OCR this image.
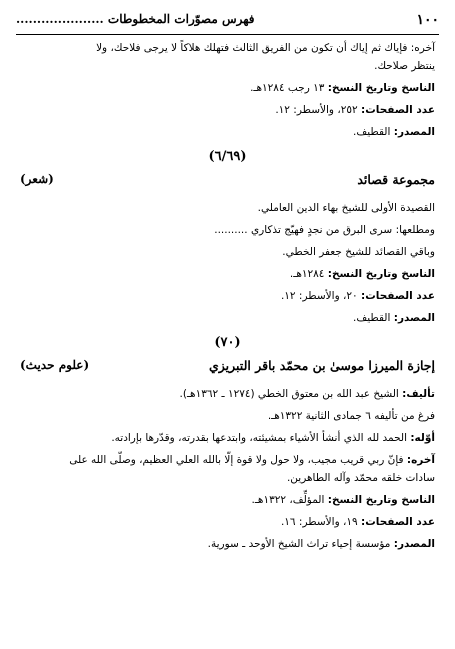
١٠٠
فهرس مصوّرات المخطوطات .....................

آخره: فإياك ثم إياك أن تكون من الفريق الثالث فتهلك هلاكاً لا يرجى فلاحك، ولا

ينتظر صلاحك.

الناسخ وتاريخ النسخ: ١٣ رجب ١٢٨٤هـ.

عدد الصفحات: ٢٥٢، والأسطر: ١٢.

المصدر: القطيف.

(٦/٦٩)
مجموعة قصائد
(شعر)

القصيدة الأولى للشيخ بهاء الدين العاملي.

ومطلعها: سرى البرق من نجدٍ فهيّج تذكاري ..........

وباقي القصائد للشيخ جعفر الخطي.

الناسخ وتاريخ النسخ: ١٢٨٤هـ.

عدد الصفحات: ٢٠، والأسطر: ١٢.

المصدر: القطيف.

(٧٠)
إجازة الميرزا موسىٰ بن محمّد باقر التبريزي
(علوم حديث)

تأليف: الشيخ عبد الله بن معتوق الخطي (١٢٧٤ ـ ١٣٦٢هـ).

فرغ من تأليفه ٦ جمادى الثانية ١٣٢٢هـ.

أوّله: الحمد لله الذي أنشأ الأشياء بمشيئته، وابتدعها بقدرته، وقدّرها بإرادته.

آخره: فإنّ ربي قريب مجيب، ولا حول ولا قوة إلّا بالله العلي العظيم، وصلّى الله على

سادات خلقه محمّد وآله الطاهرين.

الناسخ وتاريخ النسخ: المؤلِّف، ١٣٢٢هـ.

عدد الصفحات: ١٩، والأسطر: ١٦.

المصدر: مؤسسة إحياء تراث الشيخ الأوحد ـ سورية.
